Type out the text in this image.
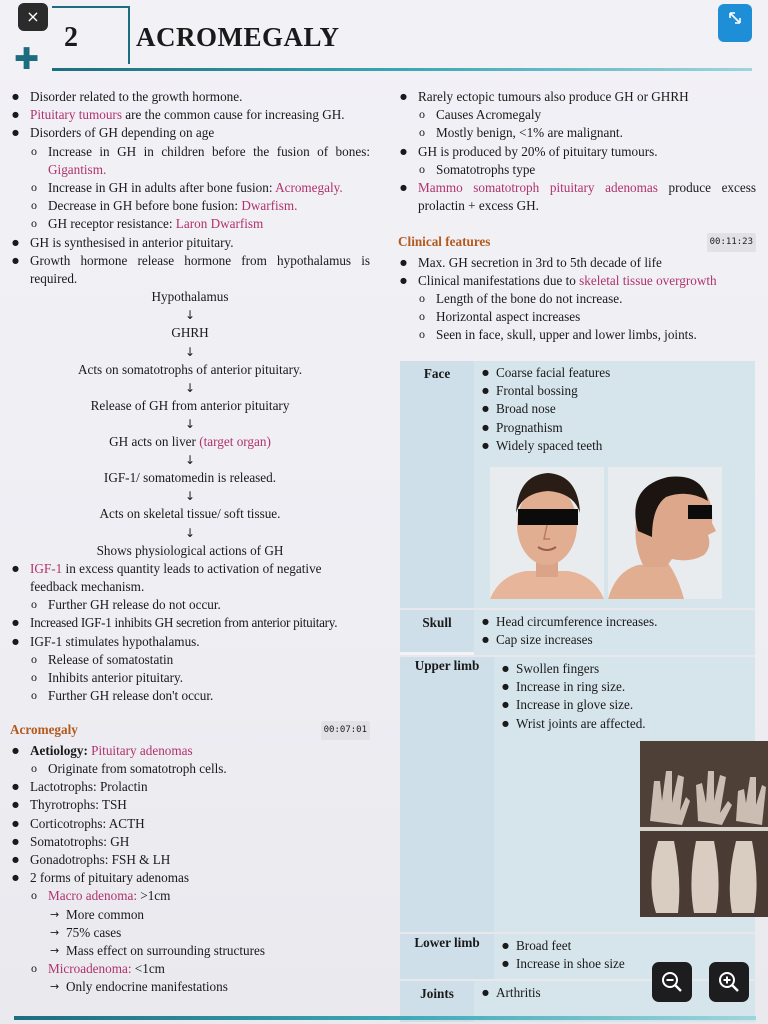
×
✚
2 ACROMEGALY
● Disorder related to the growth hormone.
● Pituitary tumours are the common cause for increasing GH.
● Disorders of GH depending on age
o Increase in GH in children before the fusion of bones: Gigantism.
o Increase in GH in adults after bone fusion: Acromegaly.
o Decrease in GH before bone fusion: Dwarfism.
o GH receptor resistance: Laron Dwarfism
● GH is synthesised in anterior pituitary.
● Growth hormone release hormone from hypothalamus is required.
Hypothalamus
↓
GHRH
↓
Acts on somatotrophs of anterior pituitary.
↓
Release of GH from anterior pituitary
↓
GH acts on liver (target organ)
↓
IGF-1/ somatomedin is released.
↓
Acts on skeletal tissue/ soft tissue.
↓
Shows physiological actions of GH
● IGF-1 in excess quantity leads to activation of negative feedback mechanism.
o Further GH release do not occur.
● Increased IGF-1 inhibits GH secretion from anterior pituitary.
● IGF-1 stimulates hypothalamus.
o Release of somatostatin
o Inhibits anterior pituitary.
o Further GH release don't occur.
Acromegaly	00:07:01
● Aetiology: Pituitary adenomas
o Originate from somatotroph cells.
● Lactotrophs: Prolactin
● Thyrotrophs: TSH
● Corticotrophs: ACTH
● Somatotrophs: GH
● Gonadotrophs: FSH & LH
● 2 forms of pituitary adenomas
o Macro adenoma: >1cm
→ More common
→ 75% cases
→ Mass effect on surrounding structures
o Microadenoma: <1cm
→ Only endocrine manifestations
● Rarely ectopic tumours also produce GH or GHRH
o Causes Acromegaly
o Mostly benign, <1% are malignant.
● GH is produced by 20% of pituitary tumours.
o Somatotrophs type
● Mammo somatotroph pituitary adenomas produce excess prolactin + excess GH.
Clinical features	00:11:23
● Max. GH secretion in 3rd to 5th decade of life
● Clinical manifestations due to skeletal tissue overgrowth
o Length of the bone do not increase.
o Horizontal aspect increases
o Seen in face, skull, upper and lower limbs, joints.
Face	● Coarse facial features
● Frontal bossing
● Broad nose
● Prognathism
● Widely spaced teeth
Skull	● Head circumference increases.
● Cap size increases
Upper limb	● Swollen fingers
● Increase in ring size.
● Increase in glove size.
● Wrist joints are affected.
Lower limb	● Broad feet
● Increase in shoe size
Joints	● Arthritis
